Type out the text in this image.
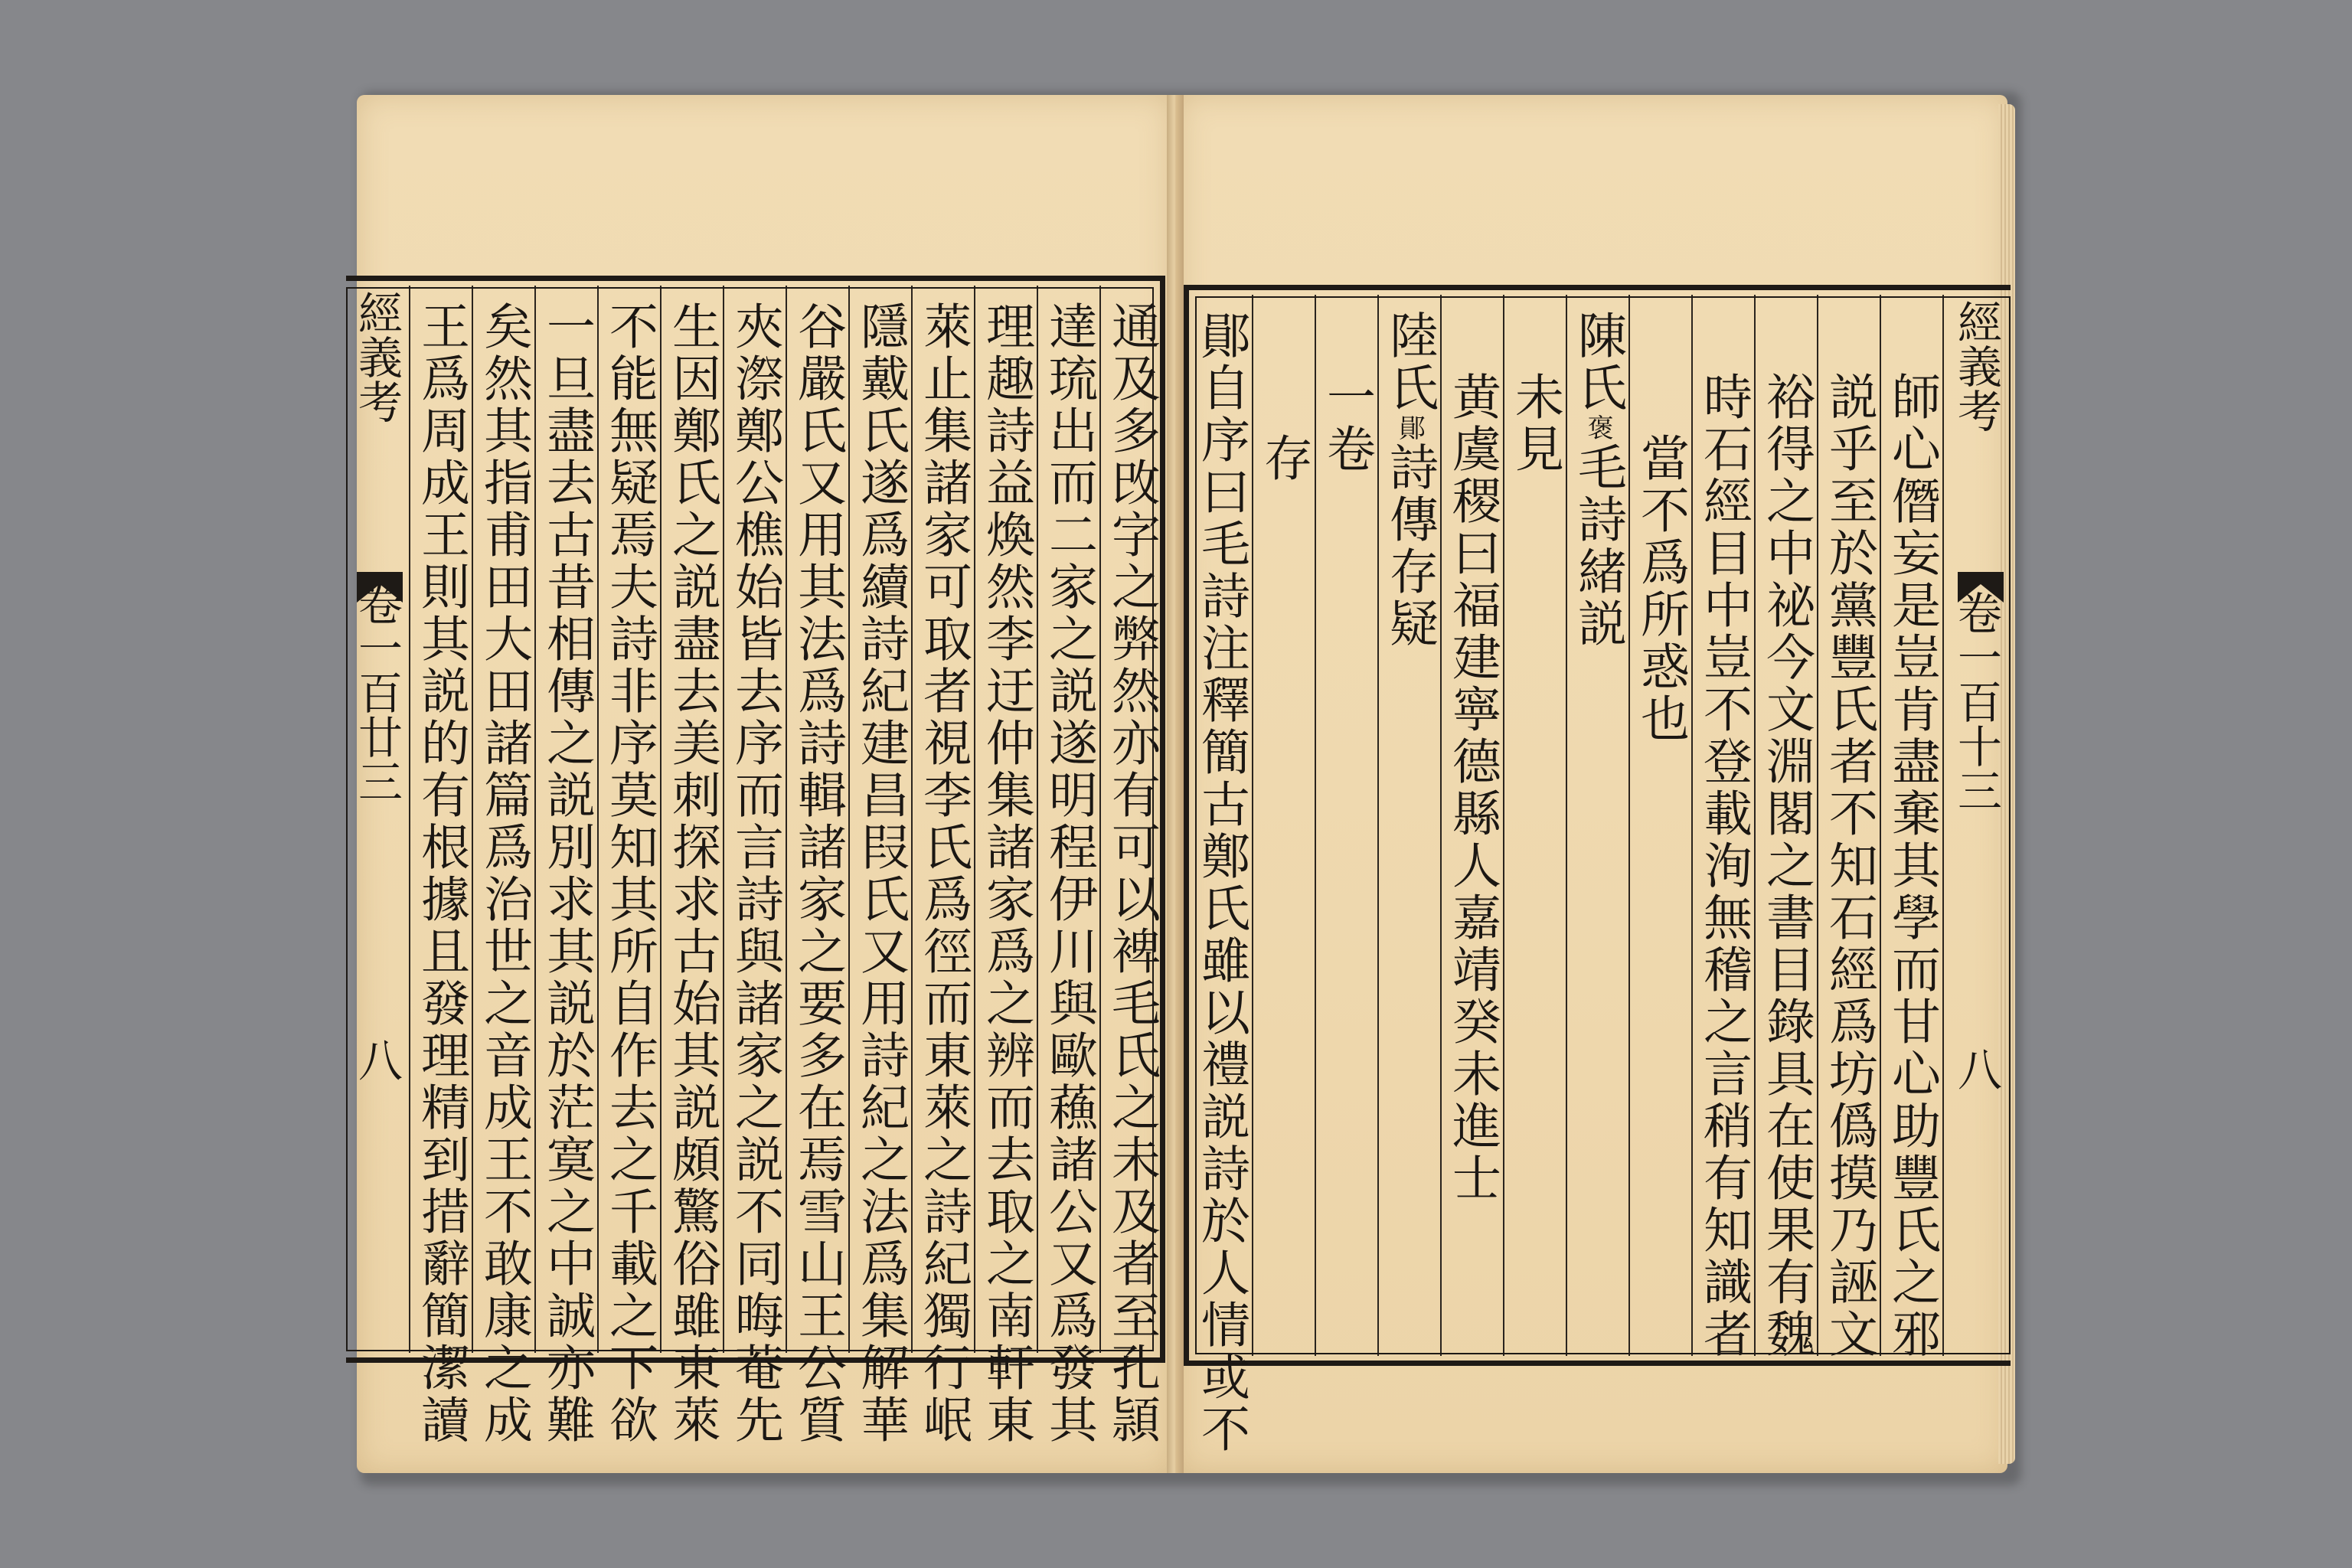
經義考  卷一百廿三  八	通及多攺字之弊然亦有可以裨毛氏之未及者至孔頴
達琉出而二家之説遂明程伊川與歐蘓諸公又爲發其
理趣詩益煥然李迂仲集諸家爲之辨而去取之南軒東
萊止集諸家可取者視李氏爲徑而東萊之詩紀獨行岷
隱戴氏遂爲續詩紀建昌叚氏又用詩紀之法爲集解華
谷嚴氏又用其法爲詩輯諸家之要多在焉雪山王公質
夾漈鄭公樵始皆去序而言詩與諸家之説不同晦菴先
生因鄭氏之説盡去美刺探求古始其説頗驚俗雖東萊
不能無疑焉夫詩非序莫知其所自作去之千載之下欲
一旦盡去古昔相傳之説別求其説於茫寞之中誠亦難
矣然其指甫田大田諸篇爲治世之音成王不敢康之成
王爲周成王則其説的有根據且發理精到措辭簡潔讀	經義考  卷一百十三  八
師心僭妄是豈肯盡棄其學而甘心助豐氏之邪
説乎至於黨豐氏者不知石經爲坊僞摸乃誣文
裕得之中祕今文淵閣之書目錄具在使果有魏
時石經目中豈不登載洵無稽之言稍有知識者
當不爲所惑也
陳氏褒毛詩緒説
未見
黄虞稷曰福建寧德縣人嘉靖癸未進士
陸氏鄖詩傳存疑
一卷
存
鄖自序曰毛詩注釋簡古鄭氏雖以禮説詩於人情或不
